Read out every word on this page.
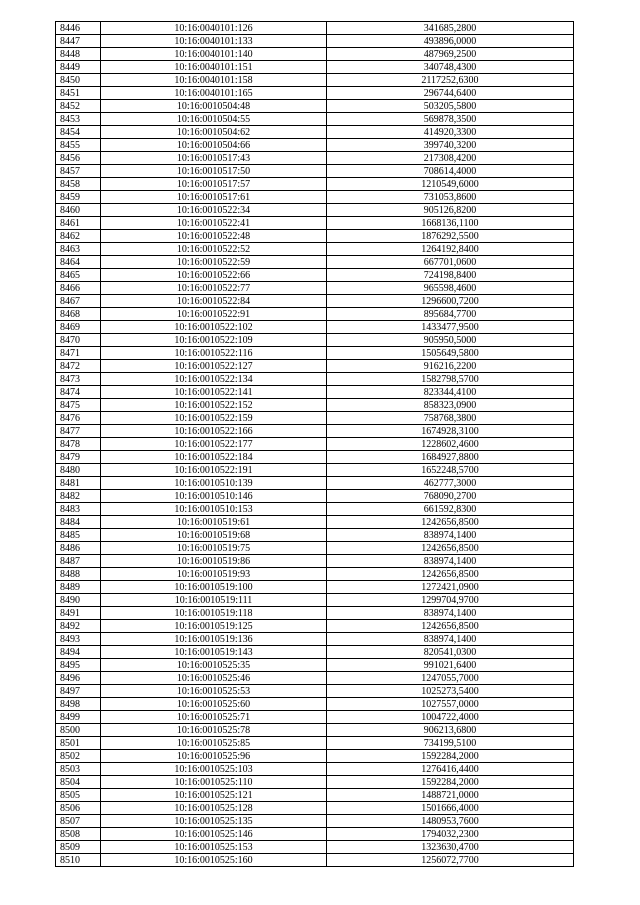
8446	10:16:0040101:126	341685,2800
8447	10:16:0040101:133	493896,0000
8448	10:16:0040101:140	487969,2500
8449	10:16:0040101:151	340748,4300
8450	10:16:0040101:158	2117252,6300
8451	10:16:0040101:165	296744,6400
8452	10:16:0010504:48	503205,5800
8453	10:16:0010504:55	569878,3500
8454	10:16:0010504:62	414920,3300
8455	10:16:0010504:66	399740,3200
8456	10:16:0010517:43	217308,4200
8457	10:16:0010517:50	708614,4000
8458	10:16:0010517:57	1210549,6000
8459	10:16:0010517:61	731053,8600
8460	10:16:0010522:34	905126,8200
8461	10:16:0010522:41	1668136,1100
8462	10:16:0010522:48	1876292,5500
8463	10:16:0010522:52	1264192,8400
8464	10:16:0010522:59	667701,0600
8465	10:16:0010522:66	724198,8400
8466	10:16:0010522:77	965598,4600
8467	10:16:0010522:84	1296600,7200
8468	10:16:0010522:91	895684,7700
8469	10:16:0010522:102	1433477,9500
8470	10:16:0010522:109	905950,5000
8471	10:16:0010522:116	1505649,5800
8472	10:16:0010522:127	916216,2200
8473	10:16:0010522:134	1582798,5700
8474	10:16:0010522:141	823344,4100
8475	10:16:0010522:152	858323,0900
8476	10:16:0010522:159	758768,3800
8477	10:16:0010522:166	1674928,3100
8478	10:16:0010522:177	1228602,4600
8479	10:16:0010522:184	1684927,8800
8480	10:16:0010522:191	1652248,5700
8481	10:16:0010510:139	462777,3000
8482	10:16:0010510:146	768090,2700
8483	10:16:0010510:153	661592,8300
8484	10:16:0010519:61	1242656,8500
8485	10:16:0010519:68	838974,1400
8486	10:16:0010519:75	1242656,8500
8487	10:16:0010519:86	838974,1400
8488	10:16:0010519:93	1242656,8500
8489	10:16:0010519:100	1272421,0900
8490	10:16:0010519:111	1299704,9700
8491	10:16:0010519:118	838974,1400
8492	10:16:0010519:125	1242656,8500
8493	10:16:0010519:136	838974,1400
8494	10:16:0010519:143	820541,0300
8495	10:16:0010525:35	991021,6400
8496	10:16:0010525:46	1247055,7000
8497	10:16:0010525:53	1025273,5400
8498	10:16:0010525:60	1027557,0000
8499	10:16:0010525:71	1004722,4000
8500	10:16:0010525:78	906213,6800
8501	10:16:0010525:85	734199,5100
8502	10:16:0010525:96	1592284,2000
8503	10:16:0010525:103	1276416,4400
8504	10:16:0010525:110	1592284,2000
8505	10:16:0010525:121	1488721,0000
8506	10:16:0010525:128	1501666,4000
8507	10:16:0010525:135	1480953,7600
8508	10:16:0010525:146	1794032,2300
8509	10:16:0010525:153	1323630,4700
8510	10:16:0010525:160	1256072,7700
